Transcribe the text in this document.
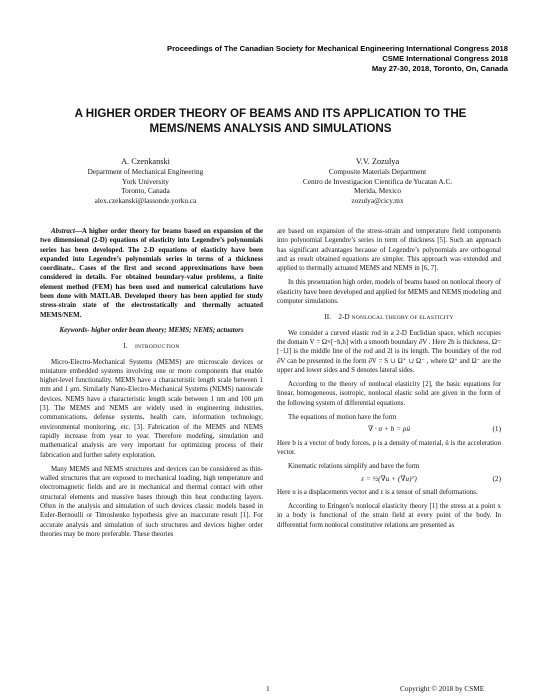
Proceedings of The Canadian Society for Mechanical Engineering International Congress 2018
CSME International Congress 2018
May 27-30, 2018, Toronto, On, Canada
A HIGHER ORDER THEORY OF BEAMS AND ITS APPLICATION TO THE
MEMS/NEMS ANALYSIS AND SIMULATIONS
A. Czenkanski
Department of Mechanical Engineering
York University
Toronto, Canada
alex.czekanski@lassonde.yorku.ca
V.V. Zozulya
Composite Materials Department
Centro de Investigacion Cientifica de Yucatan A.C.
Merida, Mexico
zozulya@cicy.mx

Abstract—A higher order theory for beams based on expansion of the two dimensional (2-D) equations of elasticity into Legendre’s polynomials series has been developed. The 2-D equations of elasticity have been expanded into Legendre’s polynomials series in terms of a thickness coordinate.. Cases of the first and second approximations have been considered in details. For obtained boundary-value problems, a finite element method (FEM) has been used and numerical calculations have been done with MATLAB. Developed theory has been applied for study stress-strain state of the electrostatically and thermally actuated MEMS/NEM.

Keywords- higher order beam theory; MEMS; NEMS; actuators
I. INTRODUCTION

Micro-Electro-Mechanical Systems (MEMS) are microscale devices or miniature embedded systems involving one or more components that enable higher-level functionality. MEMS have a characteristic length scale between 1 mm and 1 μm. Similarly Nano-Electro-Mechanical Systems (NEMS) nanoscale devices. NEMS have a characteristic length scale between 1 nm and 100 μm [3]. The MEMS and NEMS are widely used in engineering industries, communications, defense systems, health care, information technology, environmental monitoring, etc. [3]. Fabrication of the MEMS and NEMS rapidly increase from year to year. Therefore modeling, simulation and mathematical analysis are very important for optimizing process of their fabrication and further safety exploration.

Many MEMS and NEMS structures and devices can be considered as thin-walled structures that are exposed to mechanical loading, high temperature and electromagnetic fields and are in mechanical and thermal contact with other structural elements and massive bases through thin heat conducting layers. Often in the analysis and simulation of such devices classic models based in Euler-Bernoulli or Timoshenko hypothesis give an inaccurate result [1]. For accurate analysis and simulation of such structures and devices higher order theories may be more preferable. These theories

are based on expansion of the stress-strain and temperature field components into polynomial Legendre’s series in term of thickness [5]. Such an approach has significant advantages because of Legendre’s polynomials are orthogonal and as result obtained equations are simpler. This approach was extended and applied to thermally actuated MEMS and NEMS in [6, 7].

In this presentation high order, models of beams based on nonlocal theory of elasticity have been developed and applied for MEMS and NEMS modeling and computer simulations.

II. 2-D NONLOCAL THEORY OF ELASTICITY

We consider a curved elastic rod in a 2-D Euclidian space, which occupies the domain V = Ω×[−h,h] with a smooth boundary ∂V . Here 2h is thickness, Ω=[−l,l] is the middle line of the rod and 2l is its length. The boundary of the rod ∂V can be presented in the form ∂V = S ∪ Ω⁺ ∪ Ω⁻ , where Ω⁺ and Ω⁻ are the upper and lower sides and S denotes lateral sides.

According to the theory of nonlocal elasticity [2], the basic equations for linear, homogeneous, isotropic, nonlocal elastic solid are given in the form of the following system of differential equations.

The equations of motion have the form

∇ · σ + b = ρü	(1)

Here b is a vector of body forces, ρ is a density of material, ü is the acceleration vector.

Kinematic relations simplify and have the form

ε = ½(∇u + (∇u)ᵀ)	(2)

Here u is a displacements vector and ε is a tensor of small deformations.

According to Eringen’s nonlocal elasticity theory [1] the stress at a point x in a body is functional of the strain field at every point of the body. In differential form nonlocal constitutive relations are presented as

1	Copyright © 2018 by CSME
